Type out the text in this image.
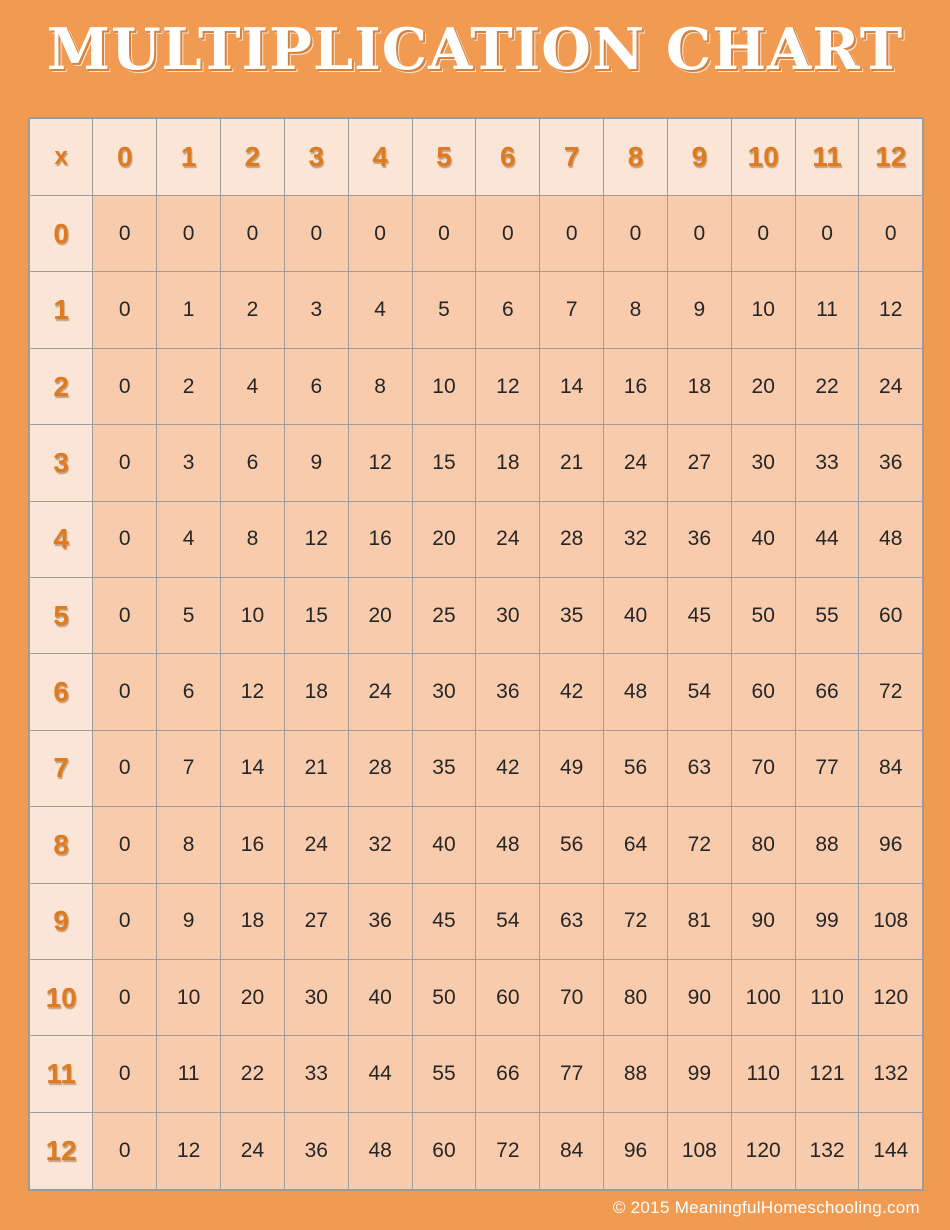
MULTIPLICATION CHART
x	0	1	2	3	4	5	6	7	8	9	10	11	12
0	0	0	0	0	0	0	0	0	0	0	0	0	0
1	0	1	2	3	4	5	6	7	8	9	10	11	12
2	0	2	4	6	8	10	12	14	16	18	20	22	24
3	0	3	6	9	12	15	18	21	24	27	30	33	36
4	0	4	8	12	16	20	24	28	32	36	40	44	48
5	0	5	10	15	20	25	30	35	40	45	50	55	60
6	0	6	12	18	24	30	36	42	48	54	60	66	72
7	0	7	14	21	28	35	42	49	56	63	70	77	84
8	0	8	16	24	32	40	48	56	64	72	80	88	96
9	0	9	18	27	36	45	54	63	72	81	90	99	108
10	0	10	20	30	40	50	60	70	80	90	100	110	120
11	0	11	22	33	44	55	66	77	88	99	110	121	132
12	0	12	24	36	48	60	72	84	96	108	120	132	144
© 2015 MeaningfulHomeschooling.com
